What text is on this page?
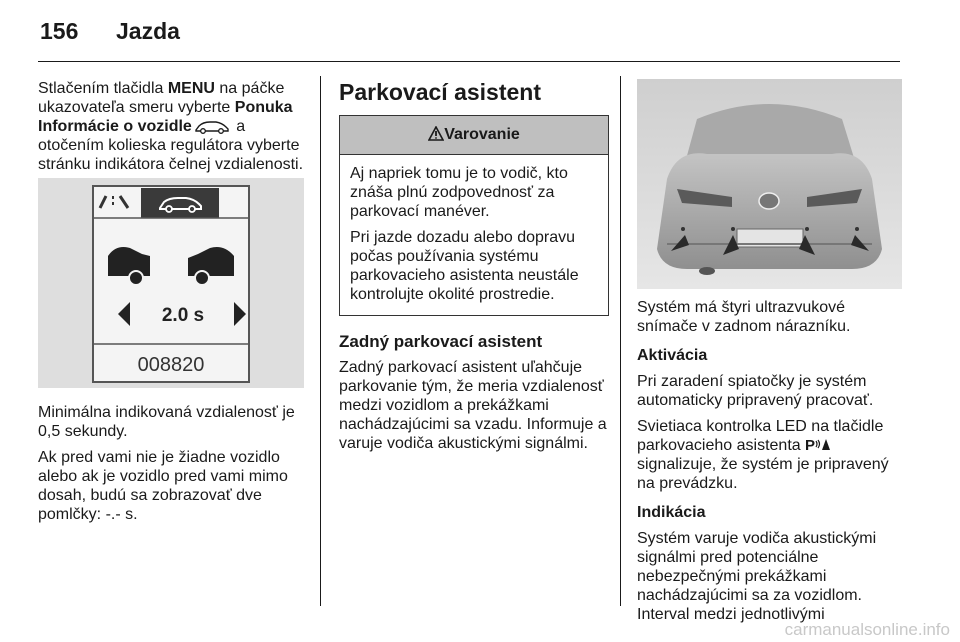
156 Jazda

Stlačením tlačidla MENU na páčke ukazovateľa smeru vyberte Ponuka Informácie o vozidle	a otočením kolieska regulátora vyberte stránku indikátora čelnej vzdialenosti.

2.0 s
008820

Minimálna indikovaná vzdialenosť je 0,5 sekundy.

Ak pred vami nie je žiadne vozidlo alebo ak je vozidlo pred vami mimo dosah, budú sa zobrazovať dve pomlčky: -.- s.

Parkovací asistent
Varovanie

Aj napriek tomu je to vodič, kto znáša plnú zodpovednosť za parkovací manéver.

Pri jazde dozadu alebo dopravu počas používania systému parkovacieho asistenta neustále kontrolujte okolité prostredie.

Zadný parkovací asistent

Zadný parkovací asistent uľahčuje parkovanie tým, že meria vzdialenosť medzi vozidlom a prekážkami nachádzajúcimi sa vzadu. Informuje a varuje vodiča akustickými signálmi.

Systém má štyri ultrazvukové snímače v zadnom nárazníku.

Aktivácia

Pri zaradení spiatočky je systém automaticky pripravený pracovať.

Svietiaca kontrolka LED na tlačidle parkovacieho asistenta P
signalizuje, že systém je pripravený na prevádzku.

Indikácia

Systém varuje vodiča akustickými signálmi pred potenciálne nebezpečnými prekážkami nachádzajúcimi sa za vozidlom. Interval medzi jednotlivými

carmanualsonline.info
